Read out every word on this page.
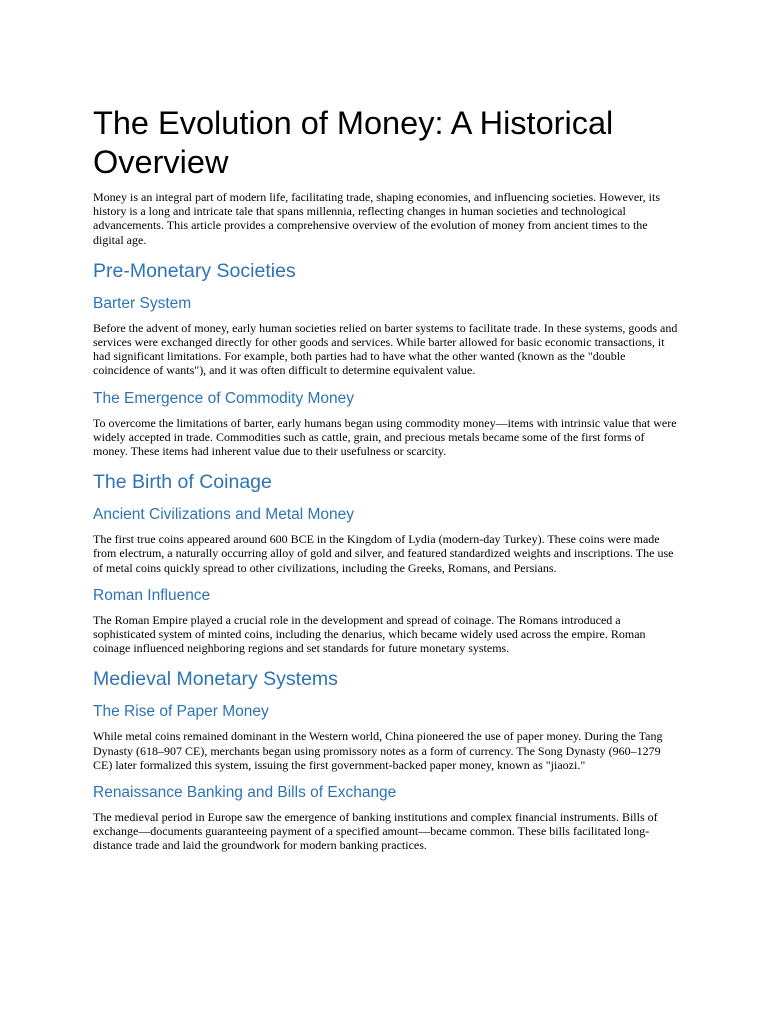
The Evolution of Money: A Historical Overview

Money is an integral part of modern life, facilitating trade, shaping economies, and influencing societies. However, its history is a long and intricate tale that spans millennia, reflecting changes in human societies and technological advancements. This article provides a comprehensive overview of the evolution of money from ancient times to the digital age.

Pre-Monetary Societies
Barter System

Before the advent of money, early human societies relied on barter systems to facilitate trade. In these systems, goods and services were exchanged directly for other goods and services. While barter allowed for basic economic transactions, it had significant limitations. For example, both parties had to have what the other wanted (known as the "double coincidence of wants"), and it was often difficult to determine equivalent value.

The Emergence of Commodity Money

To overcome the limitations of barter, early humans began using commodity money—items with intrinsic value that were widely accepted in trade. Commodities such as cattle, grain, and precious metals became some of the first forms of money. These items had inherent value due to their usefulness or scarcity.

The Birth of Coinage
Ancient Civilizations and Metal Money

The first true coins appeared around 600 BCE in the Kingdom of Lydia (modern-day Turkey). These coins were made from electrum, a naturally occurring alloy of gold and silver, and featured standardized weights and inscriptions. The use of metal coins quickly spread to other civilizations, including the Greeks, Romans, and Persians.

Roman Influence

The Roman Empire played a crucial role in the development and spread of coinage. The Romans introduced a sophisticated system of minted coins, including the denarius, which became widely used across the empire. Roman coinage influenced neighboring regions and set standards for future monetary systems.

Medieval Monetary Systems
The Rise of Paper Money

While metal coins remained dominant in the Western world, China pioneered the use of paper money. During the Tang Dynasty (618–907 CE), merchants began using promissory notes as a form of currency. The Song Dynasty (960–1279 CE) later formalized this system, issuing the first government-backed paper money, known as "jiaozi."

Renaissance Banking and Bills of Exchange

The medieval period in Europe saw the emergence of banking institutions and complex financial instruments. Bills of exchange—documents guaranteeing payment of a specified amount—became common. These bills facilitated long-distance trade and laid the groundwork for modern banking practices.
